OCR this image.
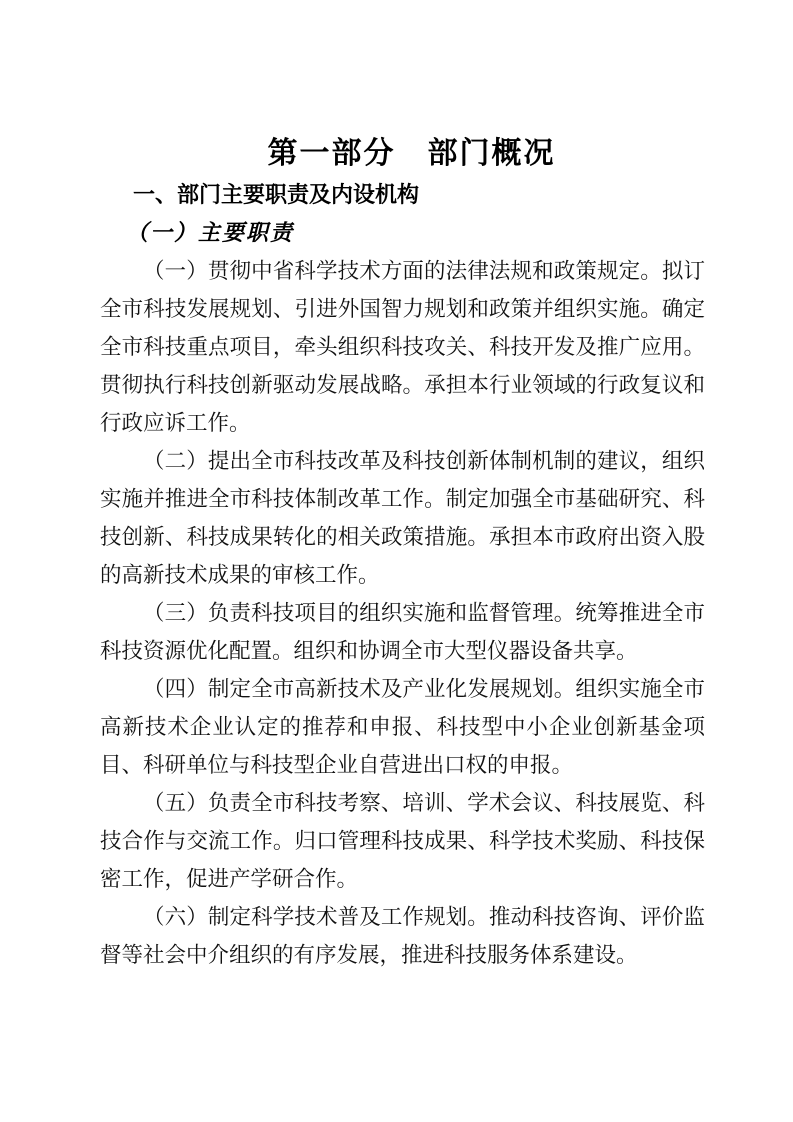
第一部分　部门概况
一、部门主要职责及内设机构
（一）主要职责

（一）贯彻中省科学技术方面的法律法规和政策规定。拟订全市科技发展规划、引进外国智力规划和政策并组织实施。确定全市科技重点项目，牵头组织科技攻关、科技开发及推广应用。贯彻执行科技创新驱动发展战略。承担本行业领域的行政复议和行政应诉工作。

（二）提出全市科技改革及科技创新体制机制的建议，组织实施并推进全市科技体制改革工作。制定加强全市基础研究、科技创新、科技成果转化的相关政策措施。承担本市政府出资入股的高新技术成果的审核工作。

（三）负责科技项目的组织实施和监督管理。统筹推进全市科技资源优化配置。组织和协调全市大型仪器设备共享。

（四）制定全市高新技术及产业化发展规划。组织实施全市高新技术企业认定的推荐和申报、科技型中小企业创新基金项目、科研单位与科技型企业自营进出口权的申报。

（五）负责全市科技考察、培训、学术会议、科技展览、科技合作与交流工作。归口管理科技成果、科学技术奖励、科技保密工作，促进产学研合作。

（六）制定科学技术普及工作规划。推动科技咨询、评价监督等社会中介组织的有序发展，推进科技服务体系建设。
